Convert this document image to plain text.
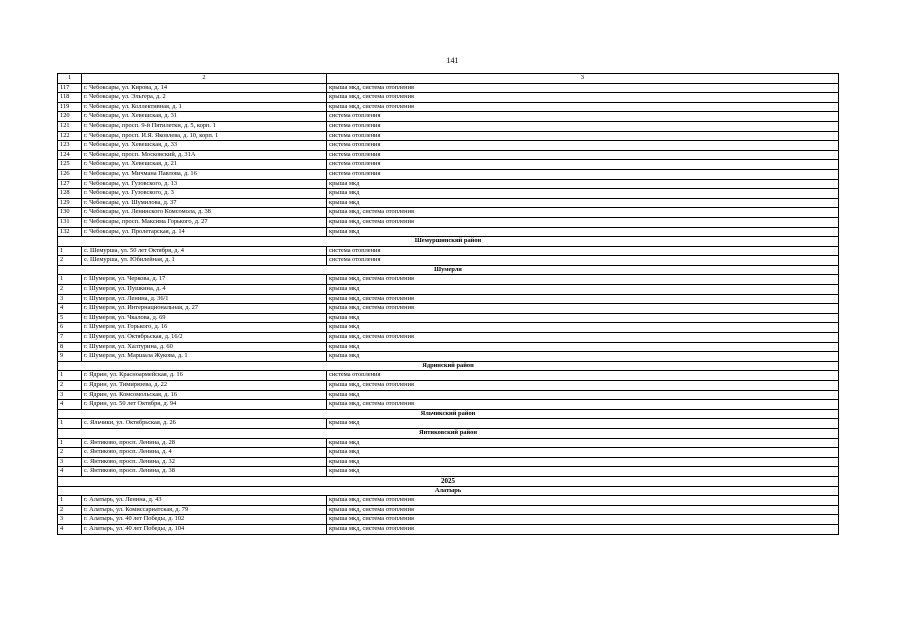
141
1	2	3
117	г. Чебоксары, ул. Кирова, д. 14	крыша мкд, система отопления
118	г. Чебоксары, ул. Эльгера, д. 2	крыша мкд, система отопления
119	г. Чебоксары, ул. Коллективная, д. 1	крыша мкд, система отопления
120	г. Чебоксары, ул. Хевешская, д. 31	система отопления
121	г. Чебоксары, просп. 9-й Пятилетки, д. 5, корп. 1	система отопления
122	г. Чебоксары, просп. И.Я. Яковлева, д. 10, корп. 1	система отопления
123	г. Чебоксары, ул. Хевешская, д. 33	система отопления
124	г. Чебоксары, просп. Московский, д. 31А	система отопления
125	г. Чебоксары, ул. Хевешская, д. 21	система отопления
126	г. Чебоксары, ул. Мичмана Павлова, д. 16	система отопления
127	г. Чебоксары, ул. Гузовского, д. 13	крыша мкд
128	г. Чебоксары, ул. Гузовского, д. 3	крыша мкд
129	г. Чебоксары, ул. Шумилова, д. 37	крыша мкд
130	г. Чебоксары, ул. Ленинского Комсомола, д. 38	крыша мкд, система отопления
131	г. Чебоксары, просп. Максима Горького, д. 27	крыша мкд, система отопления
132	г. Чебоксары, ул. Пролетарская, д. 14	крыша мкд
Шемуршинский район		
1	с. Шемурша, ул. 50 лет Октября, д. 4	система отопления
2	с. Шемурша, ул. Юбилейная, д. 1	система отопления
Шумерля		
1	г. Шумерля, ул. Черкова, д. 17	крыша мкд, система отопления
2	г. Шумерля, ул. Пушкина, д. 4	крыша мкд
3	г. Шумерля, ул. Ленина, д. 36/1	крыша мкд, система отопления
4	г. Шумерля, ул. Интернациональная, д. 27	крыша мкд, система отопления
5	г. Шумерля, ул. Чкалова, д. 69	крыша мкд
6	г. Шумерля, ул. Горького, д. 16	крыша мкд
7	г. Шумерля, ул. Октябрьская, д. 16/2	крыша мкд, система отопления
8	г. Шумерля, ул. Халтурина, д. 60	крыша мкд
9	г. Шумерля, ул. Маршала Жукова, д. 1	крыша мкд
Ядринский район		
1	г. Ядрин, ул. Красноармейская, д. 16	система отопления
2	г. Ядрин, ул. Тимирязева, д. 22	крыша мкд, система отопления
3	г. Ядрин, ул. Комсомольская, д. 16	крыша мкд
4	г. Ядрин, ул. 50 лет Октября, д. 94	крыша мкд, система отопления
Яльчикский район		
1	с. Яльчики, ул. Октябрьская, д. 26	крыша мкд
Янтиковский район		
1	с. Янтиково, просп. Ленина, д. 28	крыша мкд
2	с. Янтиково, просп. Ленина, д. 4	крыша мкд
3	с. Янтиково, просп. Ленина, д. 32	крыша мкд
4	с. Янтиково, просп. Ленина, д. 38	крыша мкд
2025		
Алатырь		
1	г. Алатырь, ул. Ленина, д. 43	крыша мкд, система отопления
2	г. Алатырь, ул. Комиссариатская, д. 79	крыша мкд, система отопления
3	г. Алатырь, ул. 40 лет Победы, д. 102	крыша мкд, система отопления
4	г. Алатырь, ул. 40 лет Победы, д. 104	крыша мкд, система отопления
